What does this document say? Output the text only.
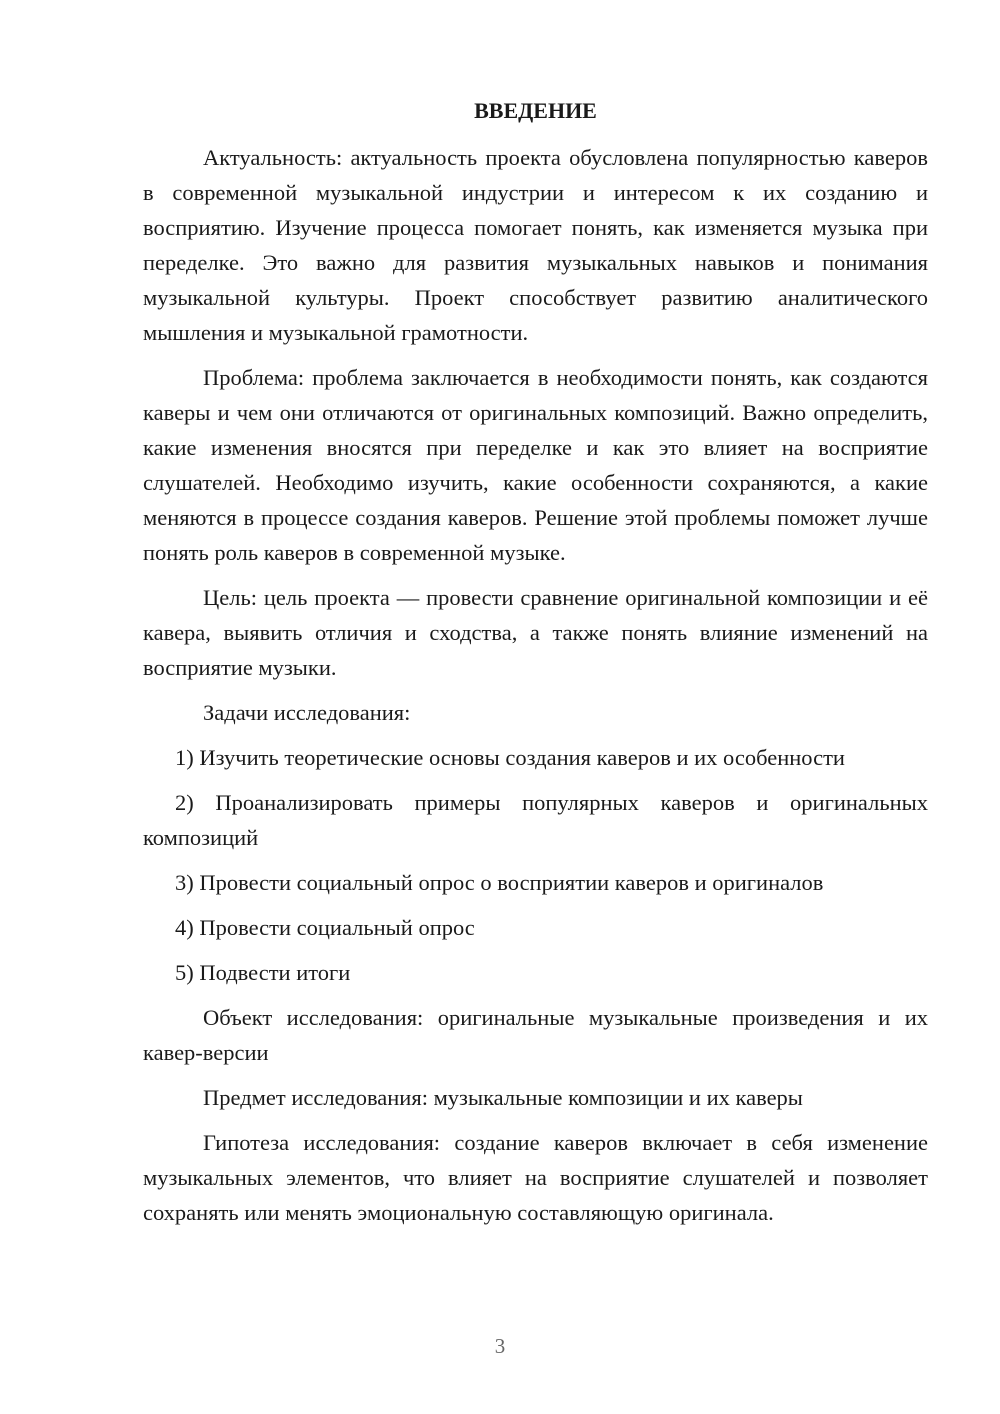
ВВЕДЕНИЕ

Актуальность: актуальность проекта обусловлена популярностью каверов в современной музыкальной индустрии и интересом к их созданию и восприятию. Изучение процесса помогает понять, как изменяется музыка при переделке. Это важно для развития музыкальных навыков и понимания музыкальной культуры. Проект способствует развитию аналитического мышления и музыкальной грамотности.

Проблема: проблема заключается в необходимости понять, как создаются каверы и чем они отличаются от оригинальных композиций. Важно определить, какие изменения вносятся при переделке и как это влияет на восприятие слушателей. Необходимо изучить, какие особенности сохраняются, а какие меняются в процессе создания каверов. Решение этой проблемы поможет лучше понять роль каверов в современной музыке.

Цель: цель проекта — провести сравнение оригинальной композиции и её кавера, выявить отличия и сходства, а также понять влияние изменений на восприятие музыки.

Задачи исследования:

1) Изучить теоретические основы создания каверов и их особенности

2) Проанализировать примеры популярных каверов и оригинальных композиций

3) Провести социальный опрос о восприятии каверов и оригиналов

4) Провести социальный опрос

5) Подвести итоги

Объект исследования: оригинальные музыкальные произведения и их кавер-версии

Предмет исследования: музыкальные композиции и их каверы

Гипотеза исследования: создание каверов включает в себя изменение музыкальных элементов, что влияет на восприятие слушателей и позволяет сохранять или менять эмоциональную составляющую оригинала.

3
